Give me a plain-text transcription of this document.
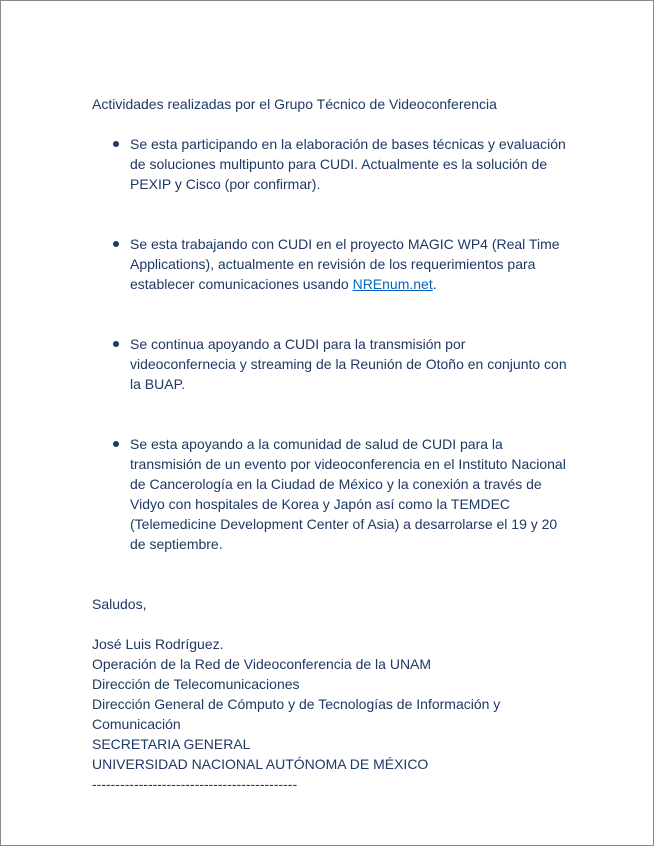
Actividades realizadas por el Grupo Técnico de Videoconferencia

Se esta participando en la elaboración de bases técnicas y evaluación de soluciones multipunto para CUDI. Actualmente es la solución de PEXIP y Cisco (por confirmar).
Se esta trabajando con CUDI en el proyecto MAGIC WP4 (Real Time Applications), actualmente en revisión de los requerimientos para establecer comunicaciones usando NREnum.net.
Se continua apoyando a CUDI para la transmisión por videoconfernecia y streaming de la Reunión de Otoño en conjunto con la BUAP.
Se esta apoyando a la comunidad de salud de CUDI para la transmisión de un evento por videoconferencia en el Instituto Nacional de Cancerología en la Ciudad de México y la conexión a través de Vidyo con hospitales de Korea y Japón así como la TEMDEC (Telemedicine Development Center of Asia) a desarrolarse el 19 y 20 de septiembre.

Saludos,

José Luis Rodríguez.
Operación de la Red de Videoconferencia de la UNAM
Dirección de Telecomunicaciones
Dirección General de Cómputo y de Tecnologías de Información y Comunicación
SECRETARIA GENERAL
UNIVERSIDAD NACIONAL AUTÓNOMA DE MÉXICO
--------------------------------------------
